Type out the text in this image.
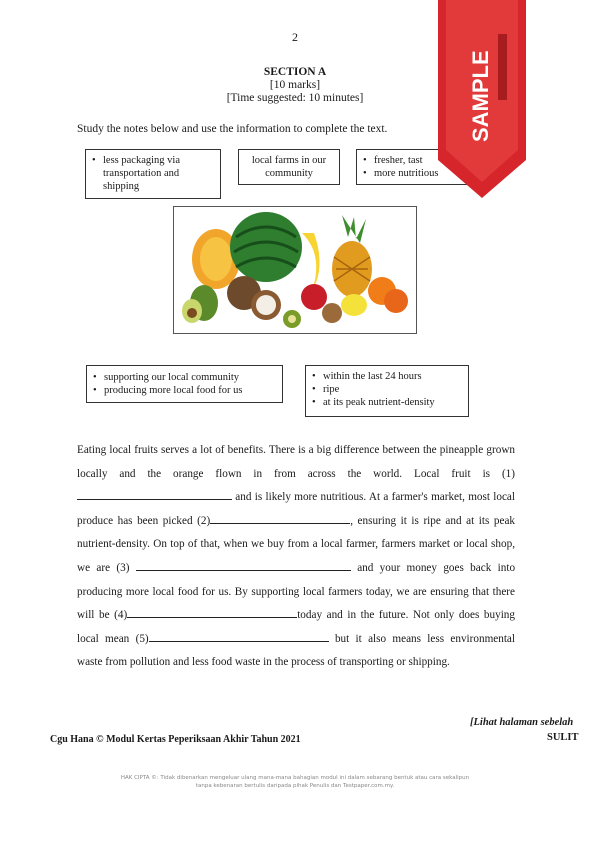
2
SECTION A
[10 marks]
[Time suggested: 10 minutes]
Study the notes below and use the information to complete the text.
• less packaging via transportation and shipping
local farms in our community
• fresher, tast
• more nutritious
• supporting our local community
• producing more local food for us
• within the last 24 hours
• ripe
• at its peak nutrient-density
Eating local fruits serves a lot of benefits. There is a big difference between the pineapple grown locally and the orange flown in from across the world. Local fruit is (1) and is likely more nutritious. At a farmer's market, most local produce has been picked (2)	, ensuring it is ripe and at its peak nutrient-density. On top of that, when we buy from a local farmer, farmers market or local shop, we are (3)	and your money goes back into producing more local food for us. By supporting local farmers today, we are ensuring that there will be (4)	today and in the future. Not only does buying local mean (5)	but it also means less environmental waste from pollution and less food waste in the process of transporting or shipping.
[Lihat halaman sebelah
Cgu Hana © Modul Kertas Peperiksaan Akhir Tahun 2021	SULIT
HAK CIPTA ©: Tidak dibenarkan mengeluar ulang mana-mana bahagian modul ini dalam sebarang bentuk atau cara sekalipun tanpa kebenaran bertulis daripada pihak Penulis dan Testpaper.com.my.
SAMPLE
